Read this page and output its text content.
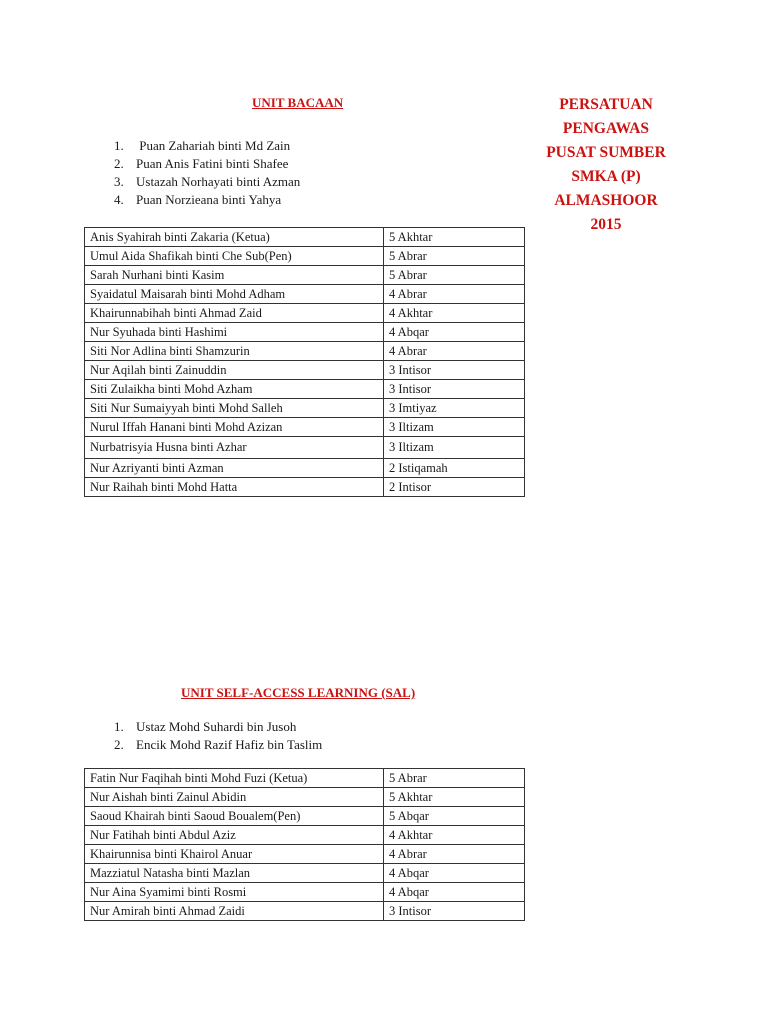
UNIT BACAAN	PERSATUAN
PENGAWAS
PUSAT SUMBER
SMKA (P)
ALMASHOOR
2015
1. Puan Zahariah binti Md Zain
2. Puan Anis Fatini binti Shafee
3. Ustazah Norhayati binti Azman
4. Puan Norzieana binti Yahya
Anis Syahirah binti Zakaria (Ketua)	5 Akhtar
Umul Aida Shafikah binti Che Sub(Pen)	5 Abrar
Sarah Nurhani binti Kasim	5 Abrar
Syaidatul Maisarah binti Mohd Adham	4 Abrar
Khairunnabihah binti Ahmad Zaid	4 Akhtar
Nur Syuhada binti Hashimi	4 Abqar
Siti Nor Adlina binti Shamzurin	4 Abrar
Nur Aqilah binti Zainuddin	3 Intisor
Siti Zulaikha binti Mohd Azham	3 Intisor
Siti Nur Sumaiyyah binti Mohd Salleh	3 Imtiyaz
Nurul Iffah Hanani binti Mohd Azizan	3 Iltizam
Nurbatrisyia Husna binti Azhar	3 Iltizam
Nur Azriyanti binti Azman	2 Istiqamah
Nur Raihah binti Mohd Hatta	2 Intisor
UNIT SELF-ACCESS LEARNING (SAL)
1. Ustaz Mohd Suhardi bin Jusoh
2. Encik Mohd Razif Hafiz bin Taslim
Fatin Nur Faqihah binti Mohd Fuzi (Ketua)	5 Abrar
Nur Aishah binti Zainul Abidin	5 Akhtar
Saoud Khairah binti Saoud Boualem(Pen)	5 Abqar
Nur Fatihah binti Abdul Aziz	4 Akhtar
Khairunnisa binti Khairol Anuar	4 Abrar
Mazziatul Natasha binti Mazlan	4 Abqar
Nur Aina Syamimi binti Rosmi	4 Abqar
Nur Amirah binti Ahmad Zaidi	3 Intisor
